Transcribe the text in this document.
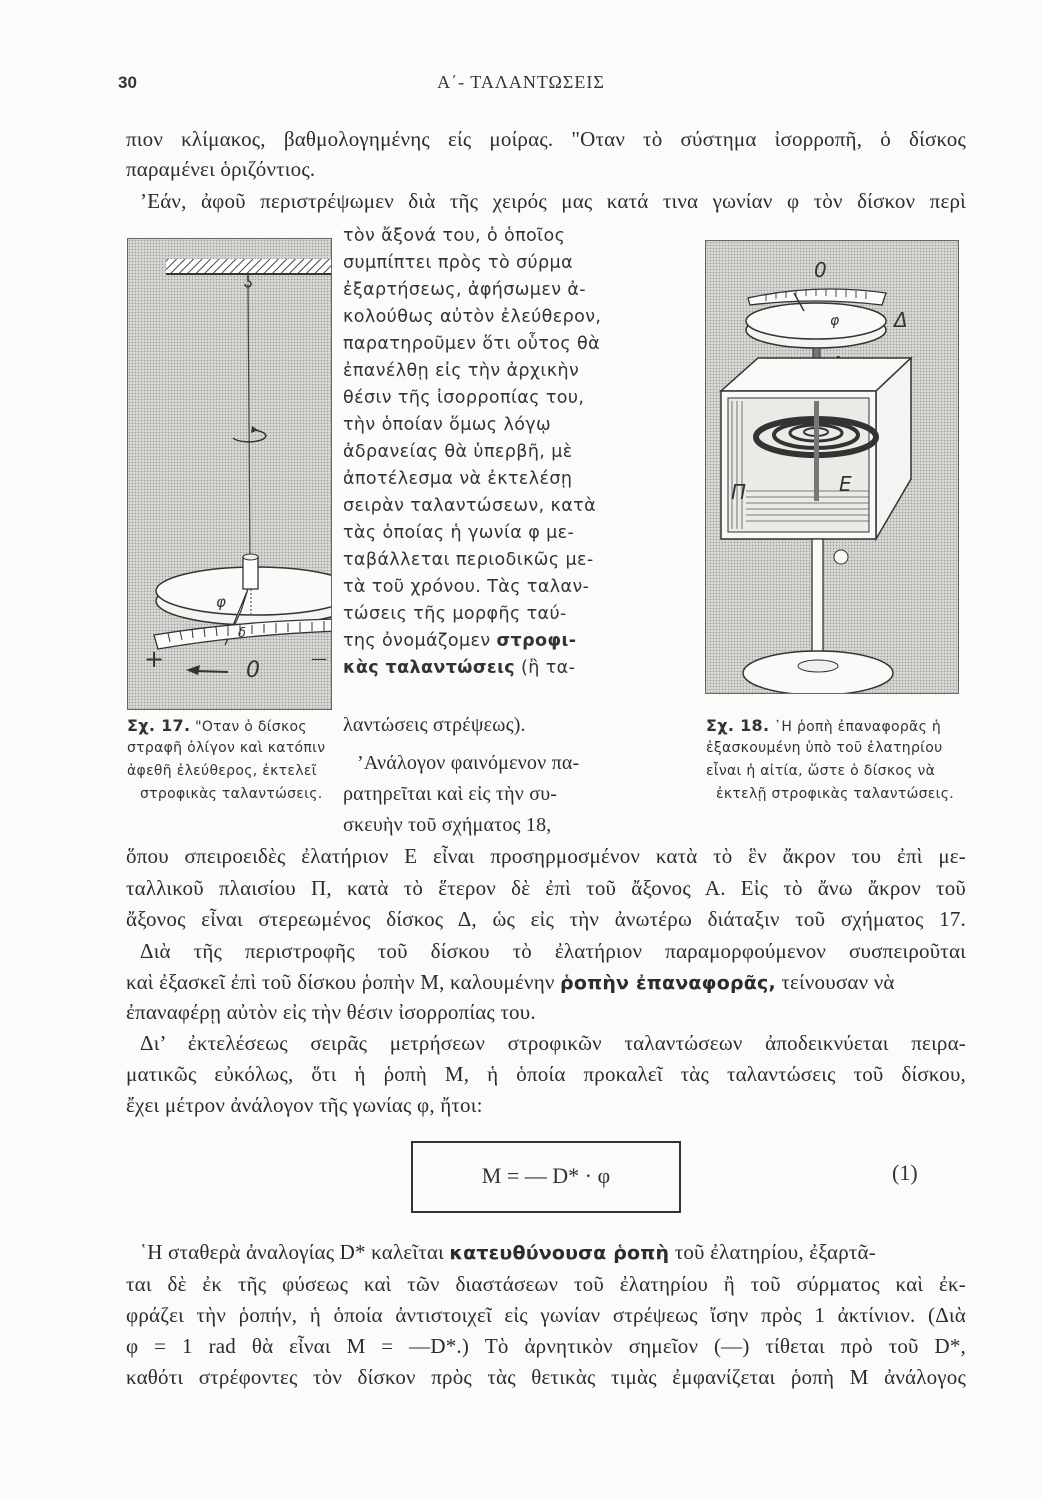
30	Α΄- ΤΑΛΑΝΤΩΣΕΙΣ
πιον κλίμακος, βαθμολογημένης είς μοίρας. "Οταν τὸ σύστημα ἰσορροπῆ, ὁ δίσκος
παραμένει ὁριζόντιος.
’Εάν, ἀφοῦ περιστρέψωμεν διὰ τῆς χειρός μας κατά τινα γωνίαν φ τὸν δίσκον περὶ
φ
δ
+	0	—
Σχ. 17. "Οταν ὁ δίσκος
στραφῆ ὀλίγον καὶ κατόπιν
ἀφεθῆ ἐλεύθερος, ἐκτελεῖ
στροφικὰς ταλαντώσεις.
τὸν ἄξονά του, ὁ ὁποῖος
συμπίπτει πρὸς τὸ σύρμα
ἐξαρτήσεως, ἀφήσωμεν ἀ-
κολούθως αὐτὸν ἐλεύθερον,
παρατηροῦμεν ὅτι οὗτος θὰ
ἐπανέλθῃ εἰς τὴν ἀρχικὴν
θέσιν τῆς ἰσορροπίας του,
τὴν ὁποίαν ὅμως λόγῳ
ἀδρανείας θὰ ὑπερβῆ, μὲ
ἀποτέλεσμα νὰ ἐκτελέσῃ
σειρὰν ταλαντώσεων, κατὰ
τὰς ὁποίας ἡ γωνία φ με-
ταβάλλεται περιοδικῶς με-
τὰ τοῦ χρόνου. Τὰς ταλαν-
τώσεις τῆς μορφῆς ταύ-
της ὀνομάζομεν στροφι-
κὰς ταλαντώσεις (ἢ τα-
λαντώσεις στρέψεως).
’Ανάλογον φαινόμενον πα-
ρατηρεῖται καὶ εἰς τὴν συ-
σκευὴν τοῦ σχήματος 18,
0
φ	Δ
Π	Ε
Σχ. 18. ῾Η ῥοπὴ ἐπαναφορᾶς ἡ
ἐξασκουμένη ὑπὸ τοῦ ἐλατηρίου
εἶναι ἡ αἰτία, ὥστε ὁ δίσκος νὰ
ἐκτελῇ στροφικὰς ταλαντώσεις.
ὅπου σπειροειδὲς ἐλατήριον Ε εἶναι προσηρμοσμένον κατὰ τὸ ἓν ἄκρον του ἐπὶ με-
ταλλικοῦ πλαισίου Π, κατὰ τὸ ἕτερον δὲ ἐπὶ τοῦ ἄξονος Α. Εἰς τὸ ἄνω ἄκρον τοῦ
ἄξονος εἶναι στερεωμένος δίσκος Δ, ὡς εἰς τὴν ἀνωτέρω διάταξιν τοῦ σχήματος 17.
Διὰ τῆς περιστροφῆς τοῦ δίσκου τὸ ἐλατήριον παραμορφούμενον συσπειροῦται
καὶ ἐξασκεῖ ἐπὶ τοῦ δίσκου ῥοπὴν Μ, καλουμένην ῥοπὴν ἐπαναφορᾶς, τείνουσαν νὰ
ἐπαναφέρῃ αὐτὸν εἰς τὴν θέσιν ἰσορροπίας του.
Δι’ ἐκτελέσεως σειρᾶς μετρήσεων στροφικῶν ταλαντώσεων ἀποδεικνύεται πειρα-
ματικῶς εὐκόλως, ὅτι ἡ ῥοπὴ Μ, ἡ ὁποία προκαλεῖ τὰς ταλαντώσεις τοῦ δίσκου,
ἔχει μέτρον ἀνάλογον τῆς γωνίας φ, ἤτοι:
M = — D* · φ	(1)
῾Η σταθερὰ ἀναλογίας D* καλεῖται κατευθύνουσα ῥοπὴ τοῦ ἐλατηρίου, ἐξαρτᾶ-
ται δὲ ἐκ τῆς φύσεως καὶ τῶν διαστάσεων τοῦ ἐλατηρίου ἢ τοῦ σύρματος καὶ ἐκ-
φράζει τὴν ῥοπήν, ἡ ὁποία ἀντιστοιχεῖ εἰς γωνίαν στρέψεως ἴσην πρὸς 1 ἀκτίνιον. (Διὰ
φ = 1 rad θὰ εἶναι M = —D*.) Τὸ ἀρνητικὸν σημεῖον (—) τίθεται πρὸ τοῦ D*,
καθότι στρέφοντες τὸν δίσκον πρὸς τὰς θετικὰς τιμὰς ἐμφανίζεται ῥοπὴ Μ ἀνάλογος
